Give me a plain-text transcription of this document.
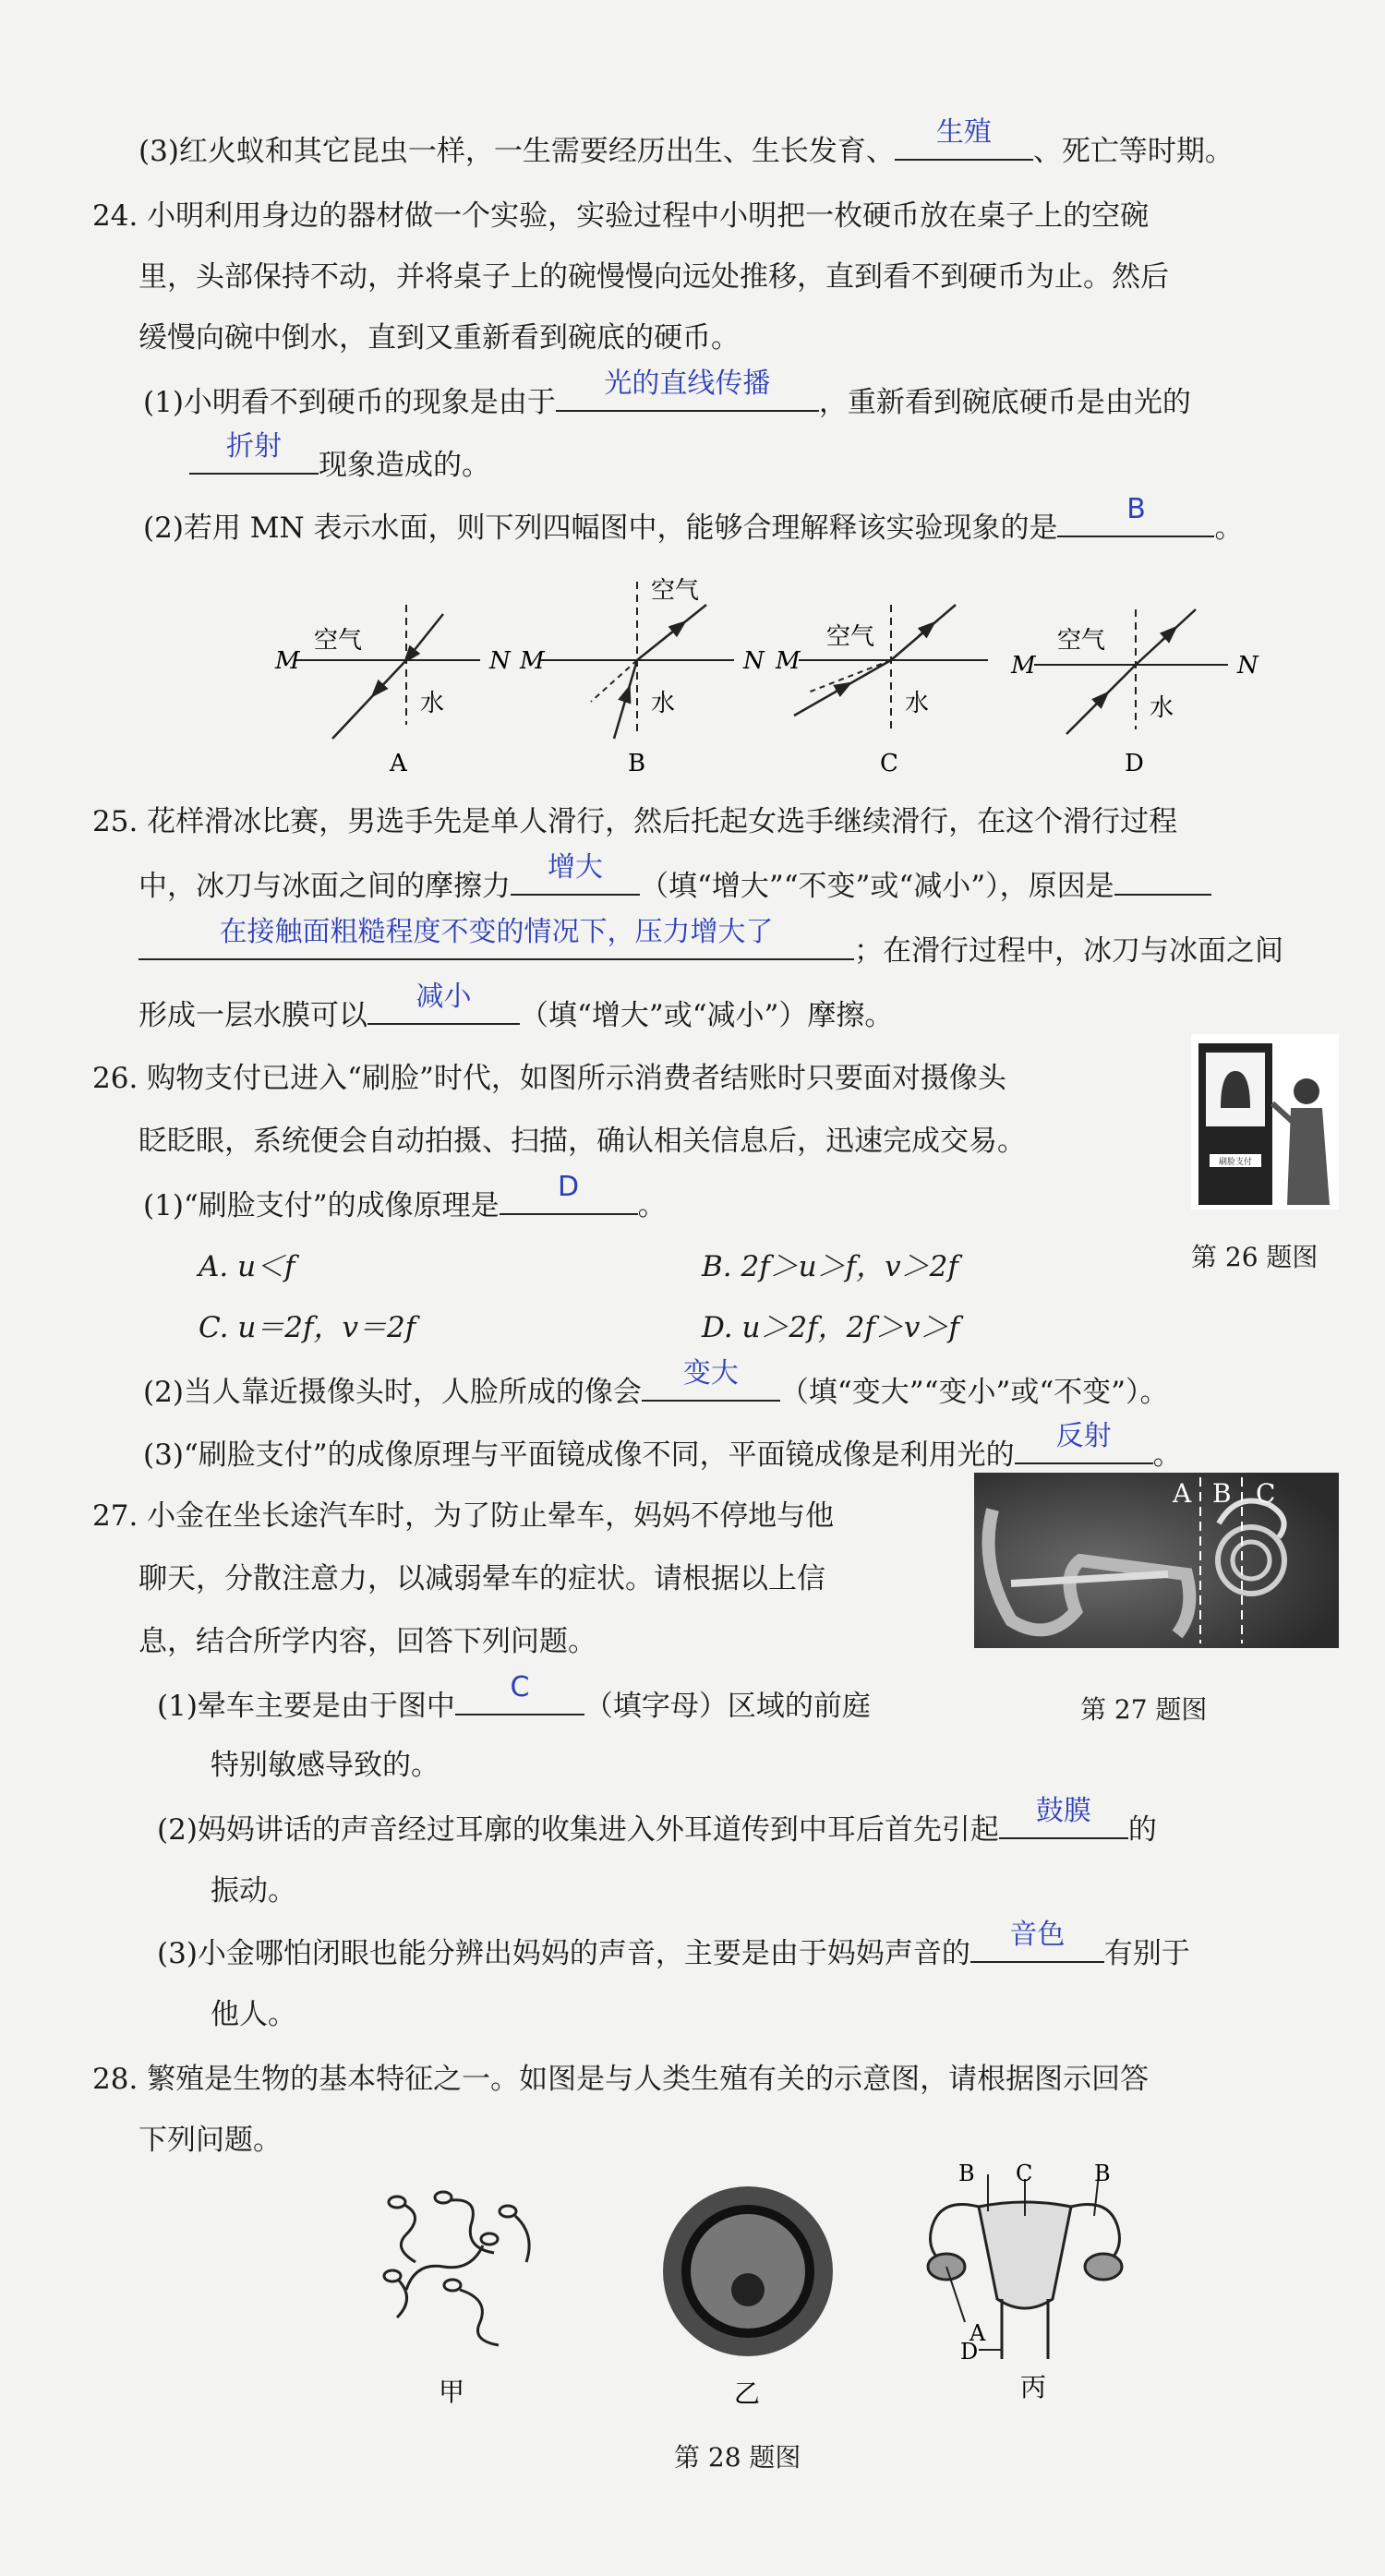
(3)红火蚁和其它昆虫一样，一生需要经历出生、生长发育、
生殖
、死亡等时期。
24. 小明利用身边的器材做一个实验，实验过程中小明把一枚硬币放在桌子上的空碗
里，头部保持不动，并将桌子上的碗慢慢向远处推移，直到看不到硬币为止。然后
缓慢向碗中倒水，直到又重新看到碗底的硬币。
(1)小明看不到硬币的现象是由于
光的直线传播
，重新看到碗底硬币是由光的
折射
现象造成的。
(2)若用 MN 表示水面，则下列四幅图中，能够合理解释该实验现象的是
B
。
M	N
空气
水
A
M	N
空气
水
B
M
空气
水
C
M	N
空气
水
D
25. 花样滑冰比赛，男选手先是单人滑行，然后托起女选手继续滑行，在这个滑行过程
中，冰刀与冰面之间的摩擦力
增大
（填“增大”“不变”或“减小”），原因是
在接触面粗糙程度不变的情况下，压力增大了
；在滑行过程中，冰刀与冰面之间
形成一层水膜可以
减小
（填“增大”或“减小”）摩擦。
26. 购物支付已进入“刷脸”时代，如图所示消费者结账时只要面对摄像头
眨眨眼，系统便会自动拍摄、扫描，确认相关信息后，迅速完成交易。
(1)“刷脸支付”的成像原理是
D
。
A. u＜f	B. 2f＞u＞f，v＞2f
C. u＝2f，v＝2f	D. u＞2f，2f＞v＞f
(2)当人靠近摄像头时，人脸所成的像会
变大
（填“变大”“变小”或“不变”）。
(3)“刷脸支付”的成像原理与平面镜成像不同，平面镜成像是利用光的
反射
。
刷脸支付
第 26 题图
27. 小金在坐长途汽车时，为了防止晕车，妈妈不停地与他
聊天，分散注意力，以减弱晕车的症状。请根据以上信
息，结合所学内容，回答下列问题。
(1)晕车主要是由于图中
C
（填字母）区域的前庭
特别敏感导致的。
(2)妈妈讲话的声音经过耳廓的收集进入外耳道传到中耳后首先引起
鼓膜
的
振动。
(3)小金哪怕闭眼也能分辨出妈妈的声音，主要是由于妈妈声音的
音色
有别于
他人。
A B C
第 27 题图
28. 繁殖是生物的基本特征之一。如图是与人类生殖有关的示意图，请根据图示回答
下列问题。
甲	乙
B C	B
A
D
丙
第 28 题图
